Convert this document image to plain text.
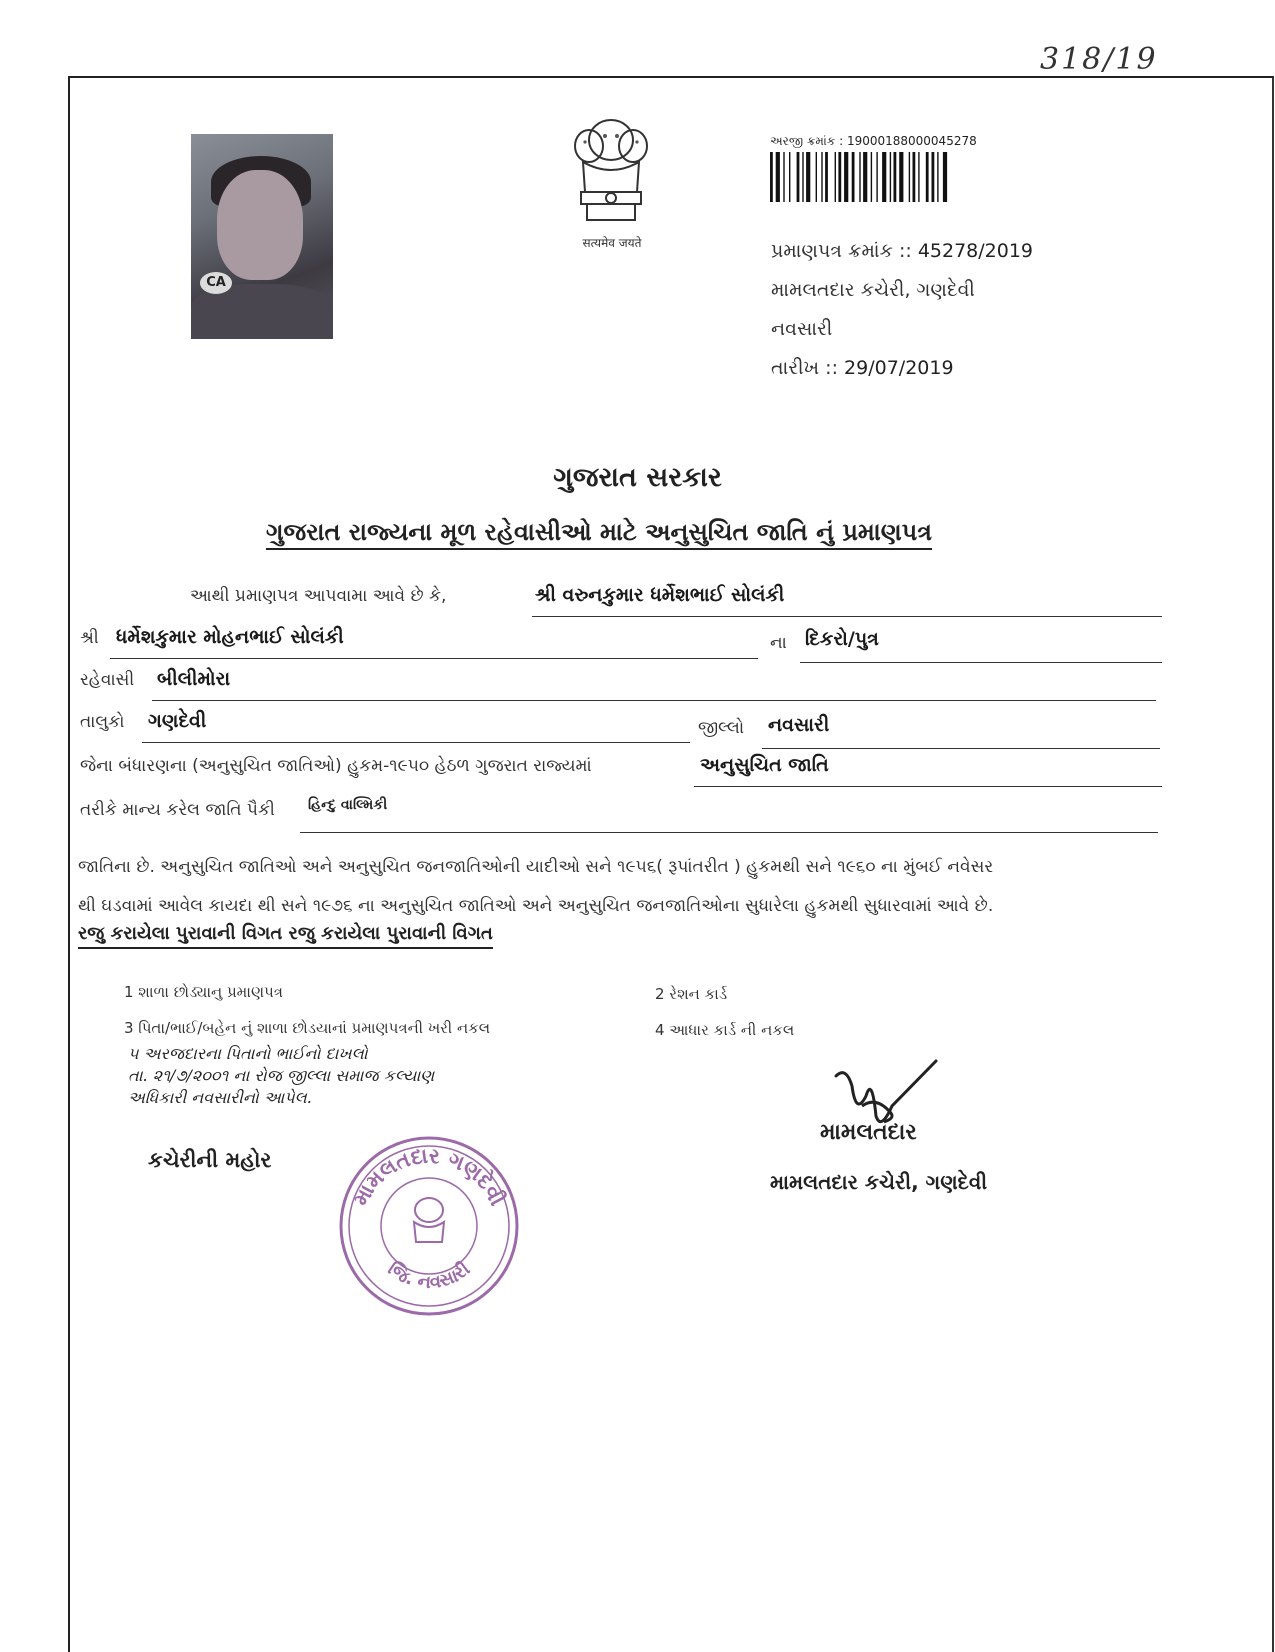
318/19
CA
सत्यमेव जयते
અરજી ક્રમાંક : 19000188000045278
પ્રમાણપત્ર ક્રમાંક :: 45278/2019
મામલતદાર કચેરી, ગણદેવી
નવસારી
તારીખ :: 29/07/2019
ગુજરાત સરકાર
ગુજરાત રાજ્યના મૂળ રહેવાસીઓ માટે અનુસુચિત જાતિ નું પ્રમાણપત્ર
આથી પ્રમાણપત્ર આપવામા આવે છે કે,	શ્રી વરુનકુમાર ધર્મેશભાઈ સોલંકી
શ્રી ધર્મેશકુમાર મોહનભાઈ સોલંકી	ના દિકરો/પુત્ર
રહેવાસી બીલીમોરા
તાલુકો ગણદેવી	જીલ્લો નવસારી
જેના બંધારણના (અનુસુચિત જાતિઓ) હુકમ-૧૯૫૦ હેઠળ ગુજરાત રાજ્યમાં	અનુસુચિત જાતિ
તરીકે માન્ય કરેલ જાતિ પૈકી હિન્દુ વાલ્મિકી
જાતિના છે. અનુસુચિત જાતિઓ અને અનુસુચિત જનજાતિઓની યાદીઓ સને ૧૯૫૬( રૂપાંતરીત ) હુકમથી સને ૧૯૬૦ ના મુંબઈ નવેસર
થી ઘડવામાં આવેલ કાયદા થી સને ૧૯૭૬ ના અનુસુચિત જાતિઓ અને અનુસુચિત જનજાતિઓના સુધારેલા હુકમથી સુધારવામાં આવે છે.
રજુ કરાયેલા પુરાવાની વિગત રજુ કરાયેલા પુરાવાની વિગત
1 શાળા છોડ્યાનુ પ્રમાણપત્ર	2 રેશન કાર્ડ
3 પિતા/ભાઈ/બહેન નું શાળા છોડયાનાં પ્રમાણપત્રની ખરી નકલ	4 આધાર કાર્ડ ની નકલ
૫ અરજદારના પિતાનો ભાઈનો દાખલો
તા. ૨૧/૭/૨૦૦૧ ના રોજ જીલ્લા સમાજ કલ્યાણ
અધિકારી નવસારીનો આપેલ.
કચેરીની મહોર
મામલતદાર ગણદેવી
જિ. નવસારી
મામલતદાર
મામલતદાર કચેરી, ગણદેવી
